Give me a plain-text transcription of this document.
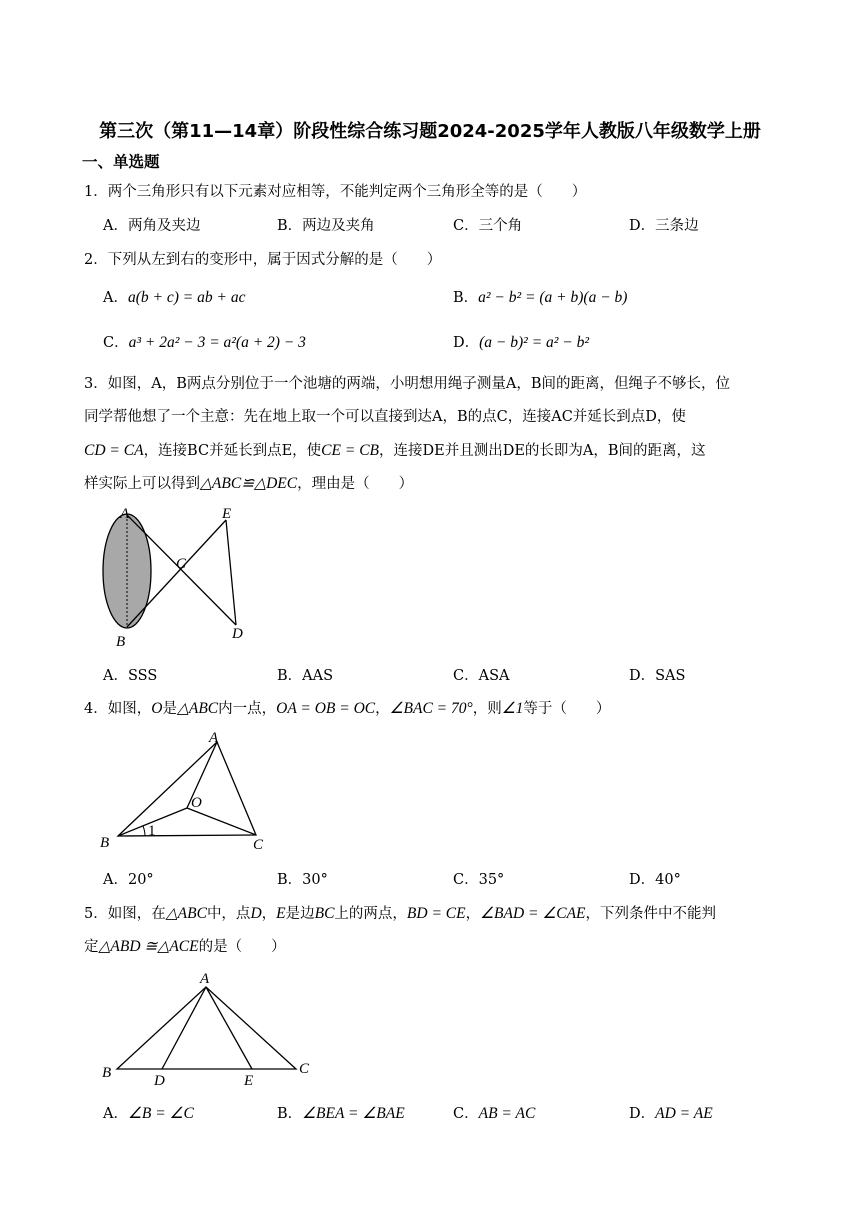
第三次（第11—14章）阶段性综合练习题2024-2025学年人教版八年级数学上册
一、单选题
1．两个三角形只有以下元素对应相等，不能判定两个三角形全等的是（　　）
A．两角及夹边	B．两边及夹角	C．三个角	D．三条边
2．下列从左到右的变形中，属于因式分解的是（　　）
A．a(b + c) = ab + ac	B．a² − b² = (a + b)(a − b)
C．a³ + 2a² − 3 = a²(a + 2) − 3	D．(a − b)² = a² − b²
3．如图，A，B两点分别位于一个池塘的两端，小明想用绳子测量A，B间的距离，但绳子不够长，位
同学帮他想了一个主意：先在地上取一个可以直接到达A，B的点C，连接AC并延长到点D，使
CD = CA，连接BC并延长到点E，使CE = CB，连接DE并且测出DE的长即为A，B间的距离，这
样实际上可以得到△ABC≌△DEC，理由是（　　）
A
B
C
D
E
A．SSS	B．AAS	C．ASA	D．SAS
4．如图，O是△ABC内一点，OA = OB = OC，∠BAC = 70°，则∠1等于（　　）
A
B	C
O
1
A．20°	B．30°	C．35°	D．40°
5．如图，在△ABC中，点D，E是边BC上的两点，BD = CE，∠BAD = ∠CAE，下列条件中不能判
定△ABD ≅△ACE的是（　　）
A
B	C
D	E
A．∠B = ∠C	B．∠BEA = ∠BAE	C．AB = AC	D．AD = AE
